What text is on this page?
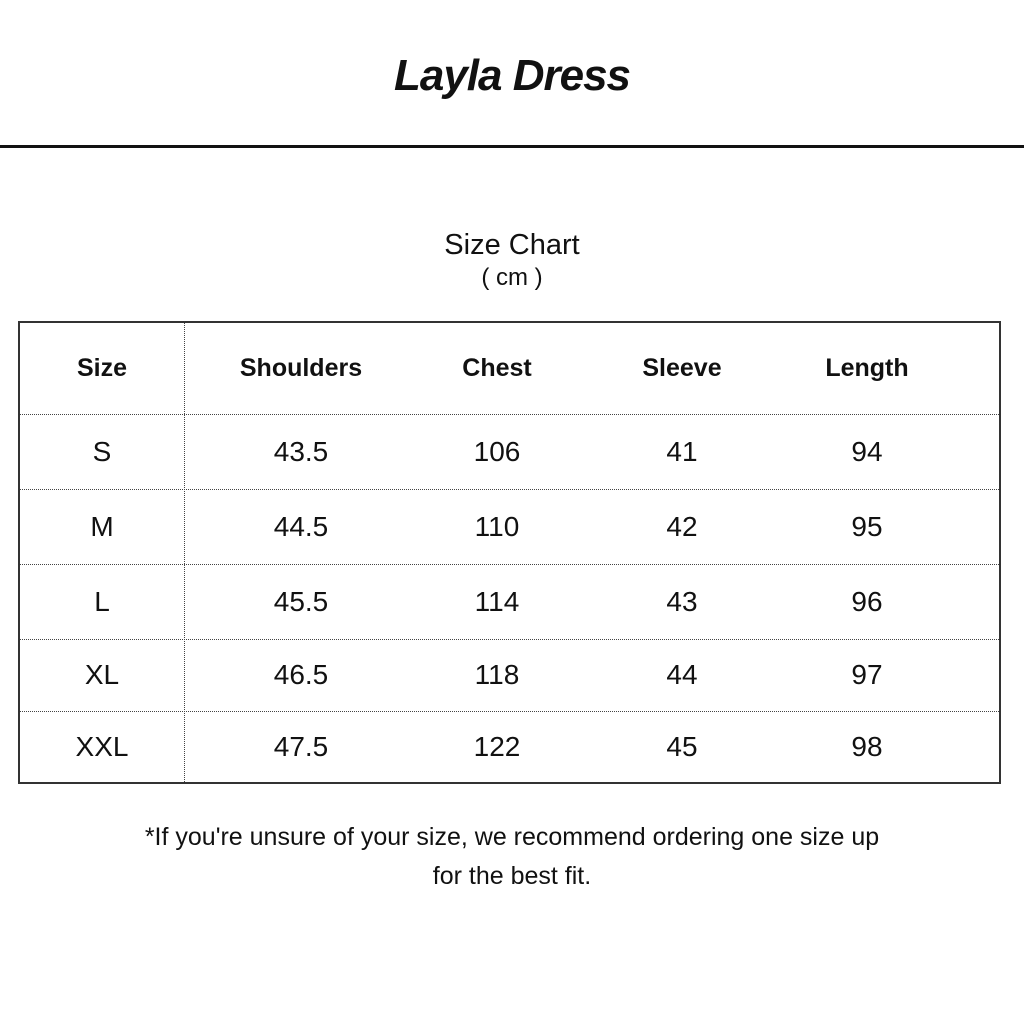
Layla Dress
Size Chart
( cm )
Size	Shoulders	Chest	Sleeve	Length
S	43.5	106	41	94
M	44.5	110	42	95
L	45.5	114	43	96
XL	46.5	118	44	97
XXL	47.5	122	45	98
*If you're unsure of your size, we recommend ordering one size up
for the best fit.
